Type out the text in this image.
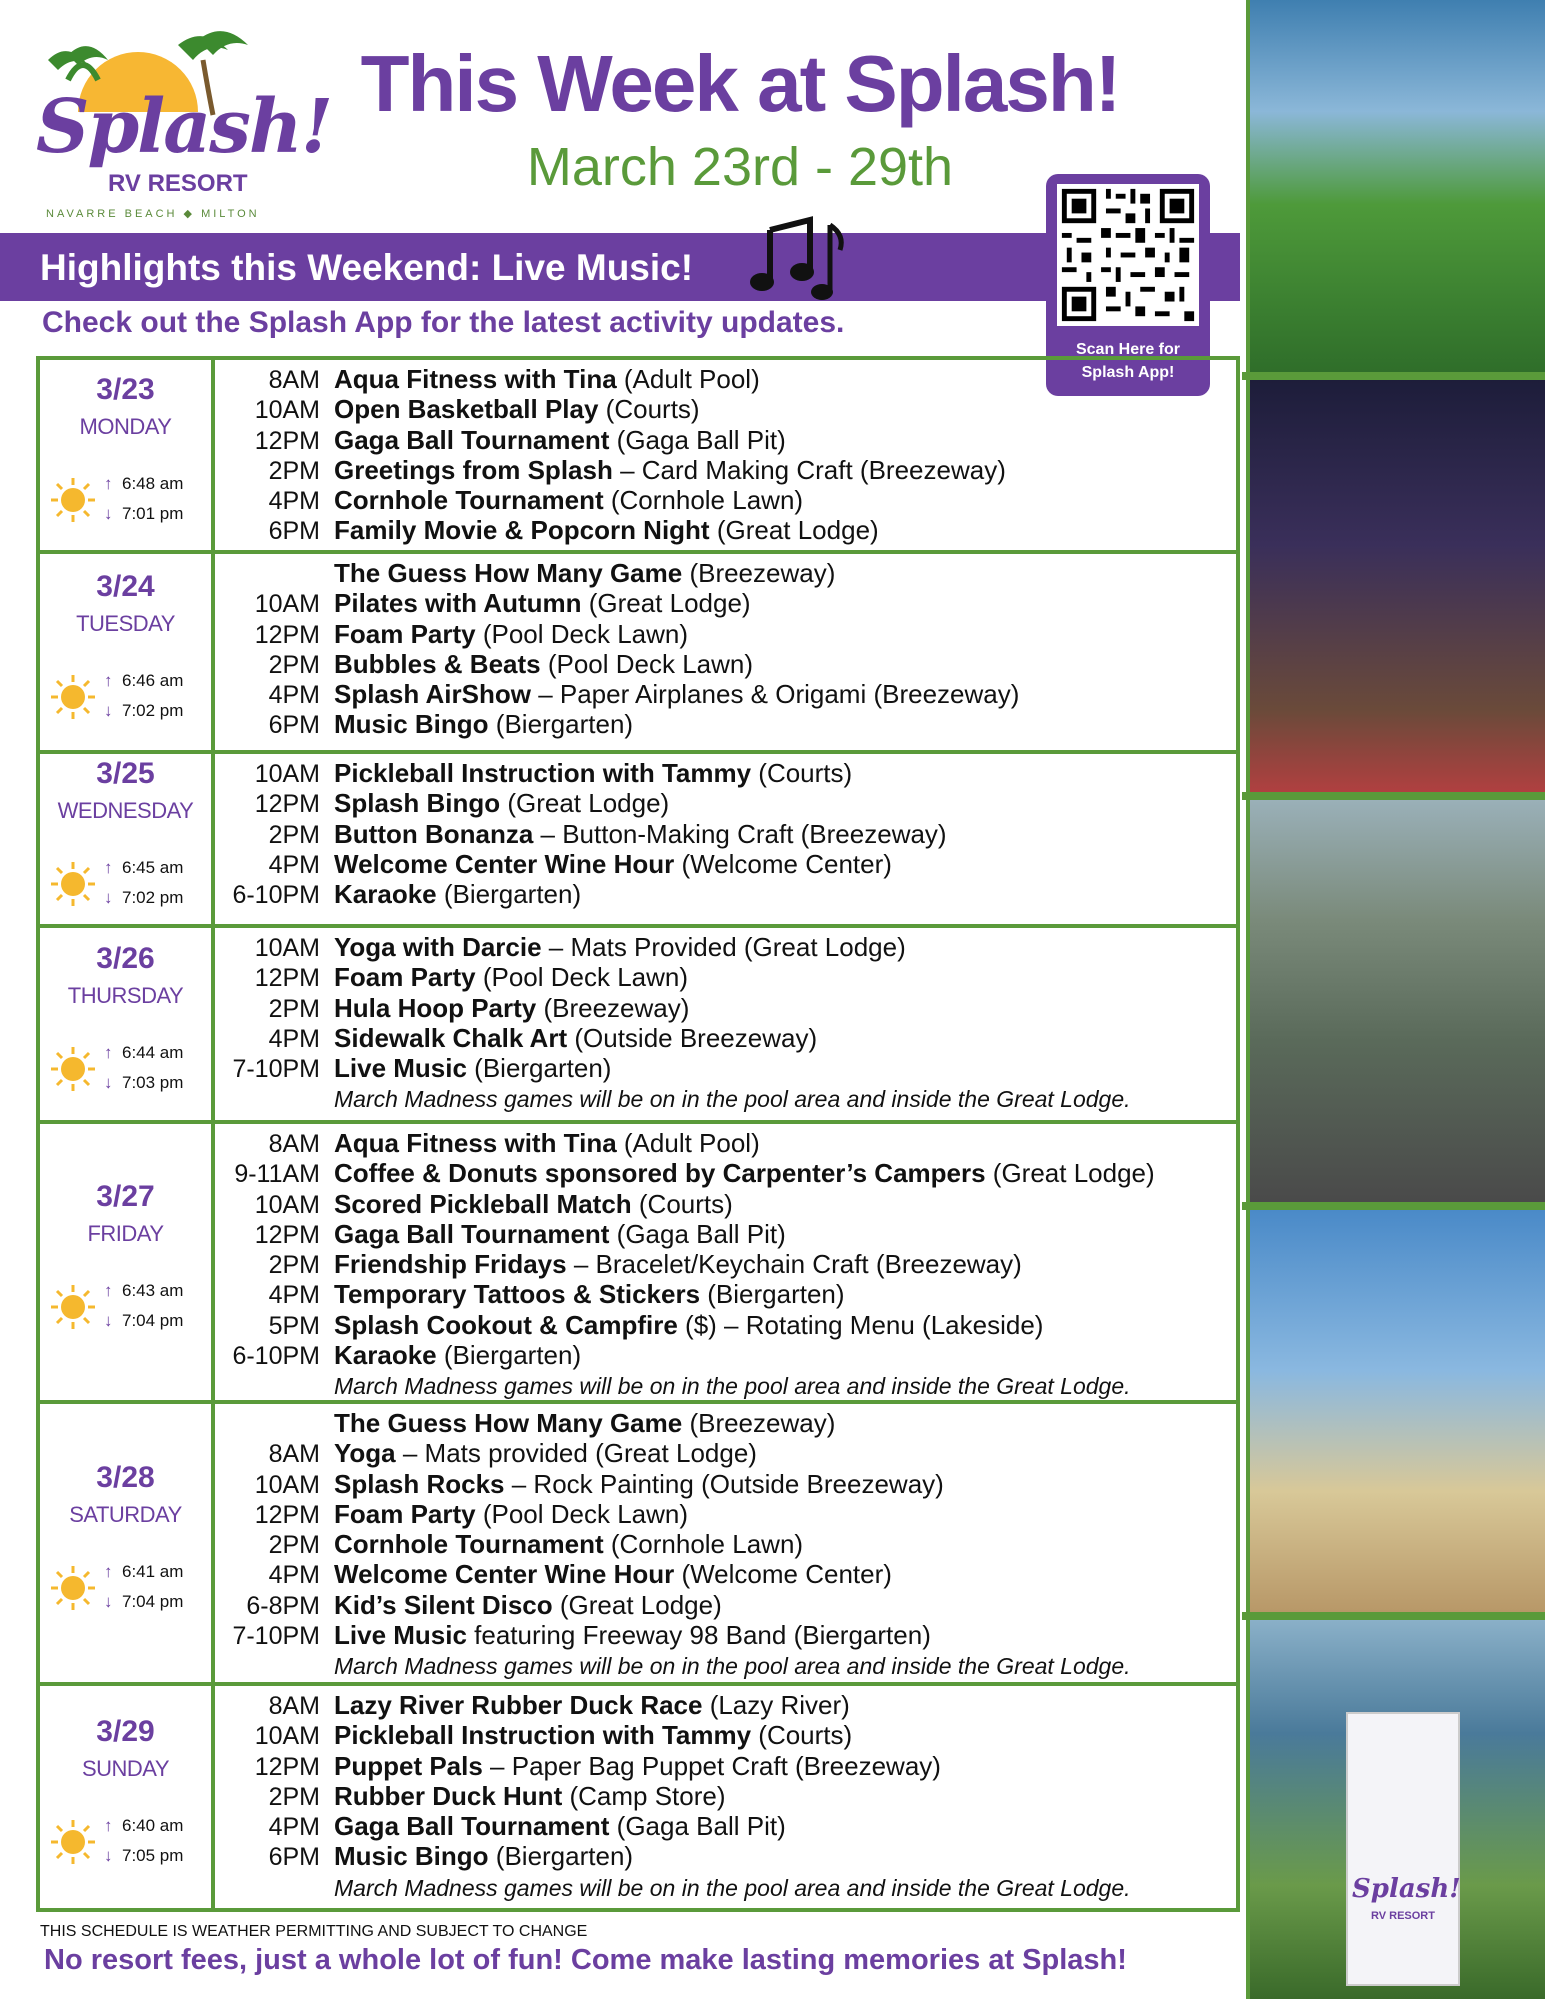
Splash!
RV RESORT
NAVARRE BEACH ◆ MILTON
This Week at Splash!
March 23rd - 29th
Highlights this Weekend: Live Music!
Scan Here for
Splash App!
Check out the Splash App for the latest activity updates.
3/23
MONDAY
↑ 6:48 am
↓ 7:01 pm
8AM Aqua Fitness with Tina (Adult Pool)
10AM Open Basketball Play (Courts)
12PM Gaga Ball Tournament (Gaga Ball Pit)
2PM Greetings from Splash – Card Making Craft (Breezeway)
4PM Cornhole Tournament (Cornhole Lawn)
6PM Family Movie & Popcorn Night (Great Lodge)
3/24
TUESDAY
↑ 6:46 am
↓ 7:02 pm
The Guess How Many Game (Breezeway)
10AM Pilates with Autumn (Great Lodge)
12PM Foam Party (Pool Deck Lawn)
2PM Bubbles & Beats (Pool Deck Lawn)
4PM Splash AirShow – Paper Airplanes & Origami (Breezeway)
6PM Music Bingo (Biergarten)
3/25
WEDNESDAY
↑ 6:45 am
↓ 7:02 pm
10AM Pickleball Instruction with Tammy (Courts)
12PM Splash Bingo (Great Lodge)
2PM Button Bonanza – Button-Making Craft (Breezeway)
4PM Welcome Center Wine Hour (Welcome Center)
6-10PM Karaoke (Biergarten)
3/26
THURSDAY
↑ 6:44 am
↓ 7:03 pm
10AM Yoga with Darcie – Mats Provided (Great Lodge)
12PM Foam Party (Pool Deck Lawn)
2PM Hula Hoop Party (Breezeway)
4PM Sidewalk Chalk Art (Outside Breezeway)
7-10PM Live Music (Biergarten)
March Madness games will be on in the pool area and inside the Great Lodge.
3/27
FRIDAY
↑ 6:43 am
↓ 7:04 pm
8AM Aqua Fitness with Tina (Adult Pool)
9-11AM Coffee & Donuts sponsored by Carpenter’s Campers (Great Lodge)
10AM Scored Pickleball Match (Courts)
12PM Gaga Ball Tournament (Gaga Ball Pit)
2PM Friendship Fridays – Bracelet/Keychain Craft (Breezeway)
4PM Temporary Tattoos & Stickers (Biergarten)
5PM Splash Cookout & Campfire ($) – Rotating Menu (Lakeside)
6-10PM Karaoke (Biergarten)
March Madness games will be on in the pool area and inside the Great Lodge.
3/28
SATURDAY
↑ 6:41 am
↓ 7:04 pm
The Guess How Many Game (Breezeway)
8AM Yoga – Mats provided (Great Lodge)
10AM Splash Rocks – Rock Painting (Outside Breezeway)
12PM Foam Party (Pool Deck Lawn)
2PM Cornhole Tournament (Cornhole Lawn)
4PM Welcome Center Wine Hour (Welcome Center)
6-8PM Kid’s Silent Disco (Great Lodge)
7-10PM Live Music featuring Freeway 98 Band (Biergarten)
March Madness games will be on in the pool area and inside the Great Lodge.
3/29
SUNDAY
↑ 6:40 am
↓ 7:05 pm
8AM Lazy River Rubber Duck Race (Lazy River)
10AM Pickleball Instruction with Tammy (Courts)
12PM Puppet Pals – Paper Bag Puppet Craft (Breezeway)
2PM Rubber Duck Hunt (Camp Store)
4PM Gaga Ball Tournament (Gaga Ball Pit)
6PM Music Bingo (Biergarten)
March Madness games will be on in the pool area and inside the Great Lodge.	Splash!
RV RESORT
THIS SCHEDULE IS WEATHER PERMITTING AND SUBJECT TO CHANGE
No resort fees, just a whole lot of fun! Come make lasting memories at Splash!
